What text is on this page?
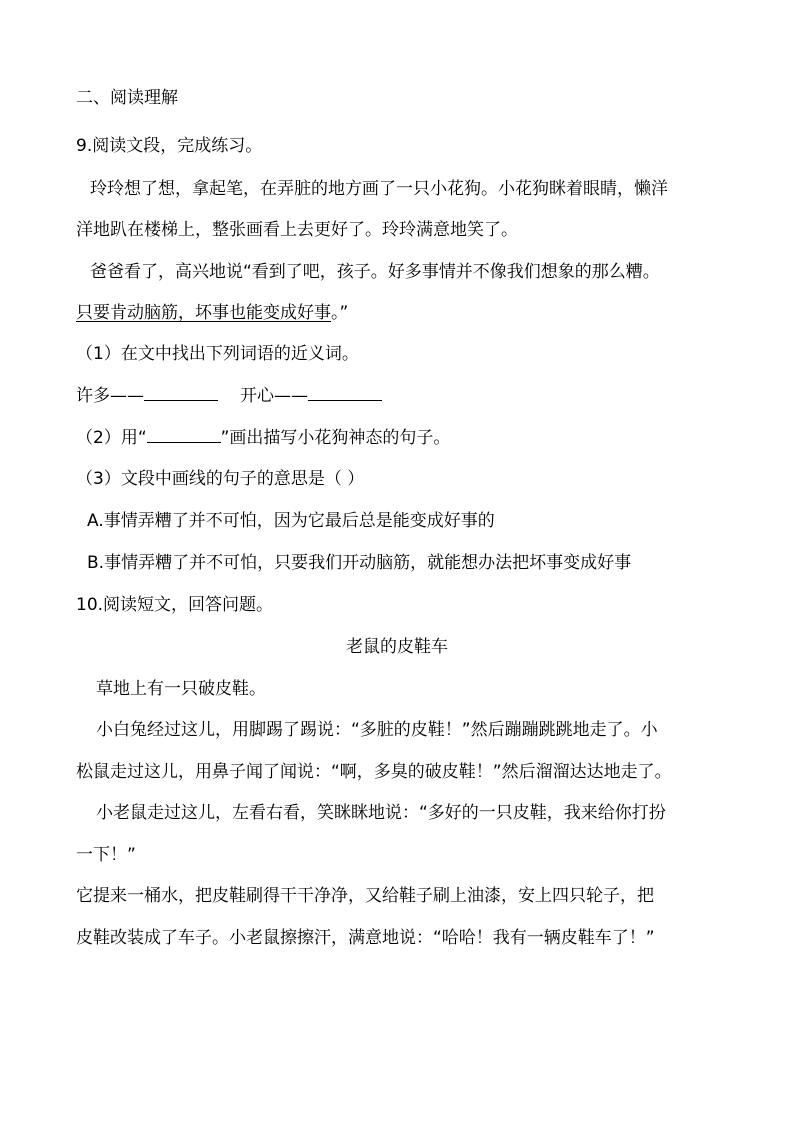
二、阅读理解
9.阅读文段，完成练习。
玲玲想了想，拿起笔，在弄脏的地方画了一只小花狗。小花狗眯着眼睛，懒洋
洋地趴在楼梯上，整张画看上去更好了。玲玲满意地笑了。
爸爸看了，高兴地说“看到了吧，孩子。好多事情并不像我们想象的那么糟。
只要肯动脑筋，坏事也能变成好事。”
（1）在文中找出下列词语的近义词。
许多——	开心——
（2）用“	”画出描写小花狗神态的句子。
（3）文段中画线的句子的意思是（ ）
A.事情弄糟了并不可怕，因为它最后总是能变成好事的
B.事情弄糟了并不可怕，只要我们开动脑筋，就能想办法把坏事变成好事
10.阅读短文，回答问题。
老鼠的皮鞋车
草地上有一只破皮鞋。
小白兔经过这儿，用脚踢了踢说：“多脏的皮鞋！”然后蹦蹦跳跳地走了。小
松鼠走过这儿，用鼻子闻了闻说：“啊，多臭的破皮鞋！”然后溜溜达达地走了。
小老鼠走过这儿，左看右看，笑眯眯地说：“多好的一只皮鞋，我来给你打扮
一下！”
它提来一桶水，把皮鞋刷得干干净净，又给鞋子刷上油漆，安上四只轮子，把
皮鞋改装成了车子。小老鼠擦擦汗，满意地说：“哈哈！我有一辆皮鞋车了！”
